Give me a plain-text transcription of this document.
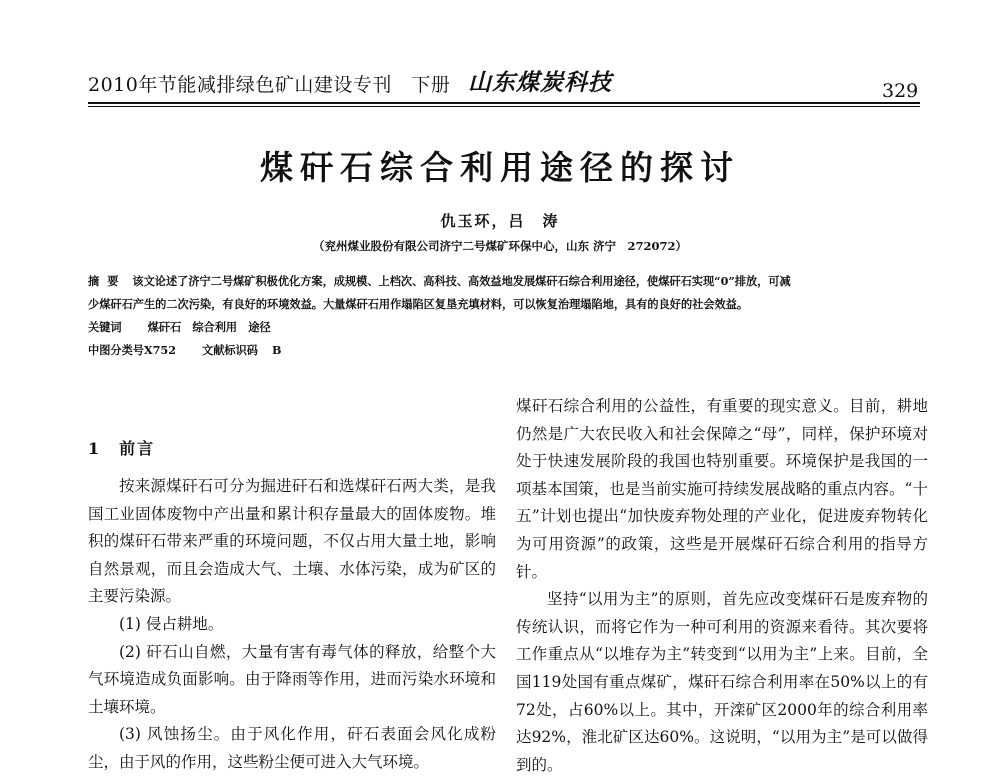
2010年节能减排绿色矿山建设专刊　下册 山东煤炭科技	329
煤矸石综合利用途径的探讨
仇玉环，吕　涛
（兖州煤业股份有限公司济宁二号煤矿环保中心，山东 济宁　272072）
摘要 该文论述了济宁二号煤矿积极优化方案，成规模、上档次、高科技、高效益地发展煤矸石综合利用途径，使煤矸石实现“0”排放，可减
少煤矸石产生的二次污染，有良好的环境效益。大量煤矸石用作塌陷区复垦充填材料，可以恢复治理塌陷地，具有的良好的社会效益。
关键词 煤矸石　综合利用　途径
中图分类号X752 文献标识码 B
1　前言

按来源煤矸石可分为掘进矸石和选煤矸石两大类，是我国工业固体废物中产出量和累计积存量最大的固体废物。堆积的煤矸石带来严重的环境问题，不仅占用大量土地，影响自然景观，而且会造成大气、土壤、水体污染，成为矿区的主要污染源。

(1) 侵占耕地。

(2) 矸石山自燃，大量有害有毒气体的释放，给整个大气环境造成负面影响。由于降雨等作用，进而污染水环境和土壤环境。

(3) 风蚀扬尘。由于风化作用，矸石表面会风化成粉尘，由于风的作用，这些粉尘便可进入大气环境。

煤矸石综合利用的公益性，有重要的现实意义。目前，耕地仍然是广大农民收入和社会保障之“母”，同样，保护环境对处于快速发展阶段的我国也特别重要。环境保护是我国的一项基本国策，也是当前实施可持续发展战略的重点内容。“十五”计划也提出“加快废弃物处理的产业化，促进废弃物转化为可用资源”的政策，这些是开展煤矸石综合利用的指导方针。

坚持“以用为主”的原则，首先应改变煤矸石是废弃物的传统认识，而将它作为一种可利用的资源来看待。其次要将工作重点从“以堆存为主”转变到“以用为主”上来。目前，全国119处国有重点煤矿，煤矸石综合利用率在50%以上的有72处，占60%以上。其中，开滦矿区2000年的综合利用率达92%，淮北矿区达60%。这说明，“以用为主”是可以做得到的。
